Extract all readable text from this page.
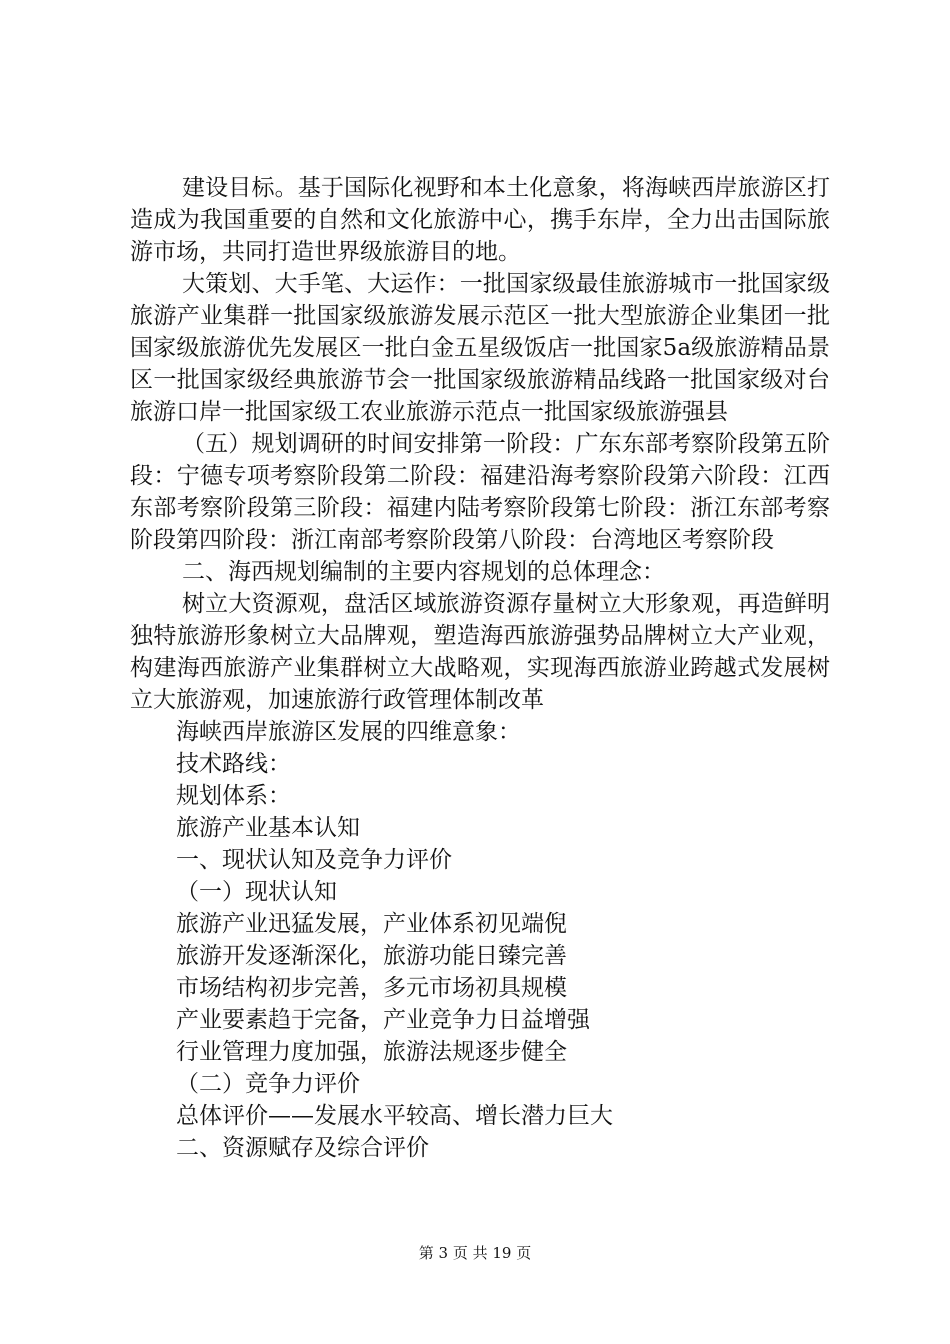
建设目标。基于国际化视野和本土化意象，将海峡西岸旅游区打造成为我国重要的自然和文化旅游中心，携手东岸，全力出击国际旅游市场，共同打造世界级旅游目的地。

大策划、大手笔、大运作：一批国家级最佳旅游城市一批国家级旅游产业集群一批国家级旅游发展示范区一批大型旅游企业集团一批国家级旅游优先发展区一批白金五星级饭店一批国家5a级旅游精品景区一批国家级经典旅游节会一批国家级旅游精品线路一批国家级对台旅游口岸一批国家级工农业旅游示范点一批国家级旅游强县

（五）规划调研的时间安排第一阶段：广东东部考察阶段第五阶段：宁德专项考察阶段第二阶段：福建沿海考察阶段第六阶段：江西东部考察阶段第三阶段：福建内陆考察阶段第七阶段：浙江东部考察阶段第四阶段：浙江南部考察阶段第八阶段：台湾地区考察阶段

二、海西规划编制的主要内容规划的总体理念：

树立大资源观，盘活区域旅游资源存量树立大形象观，再造鲜明独特旅游形象树立大品牌观，塑造海西旅游强势品牌树立大产业观，构建海西旅游产业集群树立大战略观，实现海西旅游业跨越式发展树立大旅游观，加速旅游行政管理体制改革

海峡西岸旅游区发展的四维意象：

技术路线：

规划体系：

旅游产业基本认知

一、现状认知及竞争力评价

（一）现状认知

旅游产业迅猛发展，产业体系初见端倪

旅游开发逐渐深化，旅游功能日臻完善

市场结构初步完善，多元市场初具规模

产业要素趋于完备，产业竞争力日益增强

行业管理力度加强，旅游法规逐步健全

（二）竞争力评价

总体评价——发展水平较高、增长潜力巨大

二、资源赋存及综合评价

第 3 页 共 19 页
